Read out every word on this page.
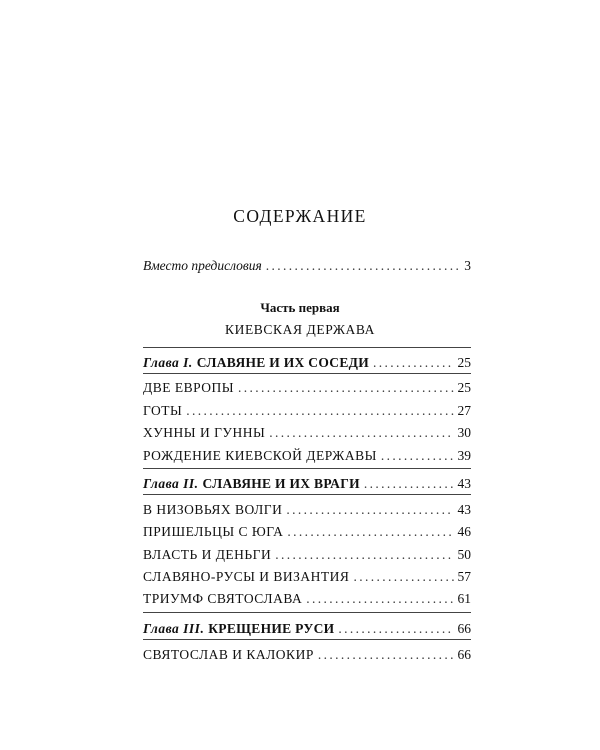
СОДЕРЖАНИЕ
Вместо предисловия . . .	3
Часть первая
КИЕВСКАЯ ДЕРЖАВА
Глава I. СЛАВЯНЕ И ИХ СОСЕДИ . . .	25
ДВЕ ЕВРОПЫ . . .	25
ГОТЫ . . .	27
ХУННЫ И ГУННЫ . . .	30
РОЖДЕНИЕ КИЕВСКОЙ ДЕРЖАВЫ . . .	39
Глава II. СЛАВЯНЕ И ИХ ВРАГИ . . .	43
В НИЗОВЬЯХ ВОЛГИ . . .	43
ПРИШЕЛЬЦЫ С ЮГА . . .	46
ВЛАСТЬ И ДЕНЬГИ . . .	50
СЛАВЯНО-РУСЫ И ВИЗАНТИЯ . . .	57
ТРИУМФ СВЯТОСЛАВА . . .	61
Глава III. КРЕЩЕНИЕ РУСИ . . .	66
СВЯТОСЛАВ И КАЛОКИР . . .	66
